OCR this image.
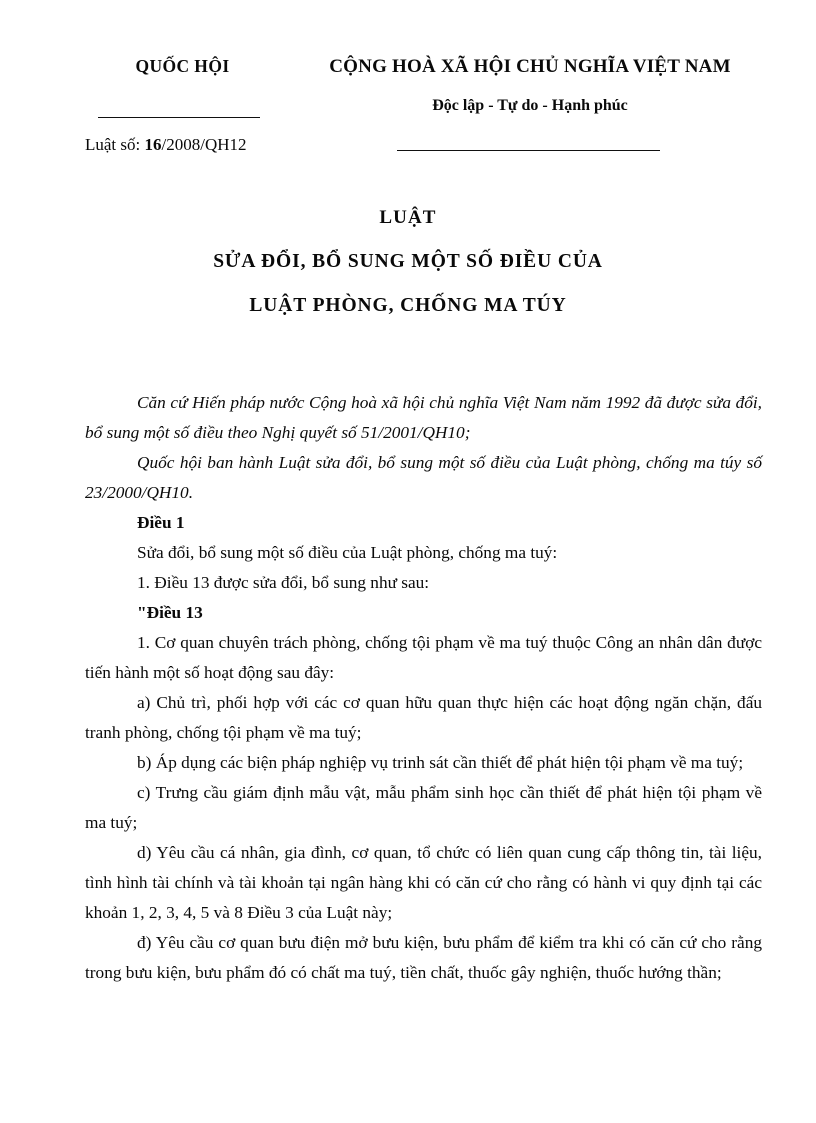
QUỐC HỘI
Luật số: 16/2008/QH12
CỘNG HOÀ XÃ HỘI CHỦ NGHĨA VIỆT NAM
Độc lập - Tự do - Hạnh phúc
LUẬT
SỬA ĐỔI, BỔ SUNG MỘT SỐ ĐIỀU CỦA
LUẬT PHÒNG, CHỐNG MA TÚY

Căn cứ Hiến pháp nước Cộng hoà xã hội chủ nghĩa Việt Nam năm 1992 đã được sửa đổi, bổ sung một số điều theo Nghị quyết số 51/2001/QH10;

Quốc hội ban hành Luật sửa đổi, bổ sung một số điều của Luật phòng, chống ma túy số 23/2000/QH10.

Điều 1

Sửa đổi, bổ sung một số điều của Luật phòng, chống ma tuý:

1. Điều 13 được sửa đổi, bổ sung như sau:

"Điều 13

1. Cơ quan chuyên trách phòng, chống tội phạm về ma tuý thuộc Công an nhân dân được tiến hành một số hoạt động sau đây:

a) Chủ trì, phối hợp với các cơ quan hữu quan thực hiện các hoạt động ngăn chặn, đấu tranh phòng, chống tội phạm về ma tuý;

b) Áp dụng các biện pháp nghiệp vụ trinh sát cần thiết để phát hiện tội phạm về ma tuý;

c) Trưng cầu giám định mẫu vật, mẫu phẩm sinh học cần thiết để phát hiện tội phạm về ma tuý;

d) Yêu cầu cá nhân, gia đình, cơ quan, tổ chức có liên quan cung cấp thông tin, tài liệu, tình hình tài chính và tài khoản tại ngân hàng khi có căn cứ cho rằng có hành vi quy định tại các khoản 1, 2, 3, 4, 5 và 8 Điều 3 của Luật này;

đ) Yêu cầu cơ quan bưu điện mở bưu kiện, bưu phẩm để kiểm tra khi có căn cứ cho rằng trong bưu kiện, bưu phẩm đó có chất ma tuý, tiền chất, thuốc gây nghiện, thuốc hướng thần;
